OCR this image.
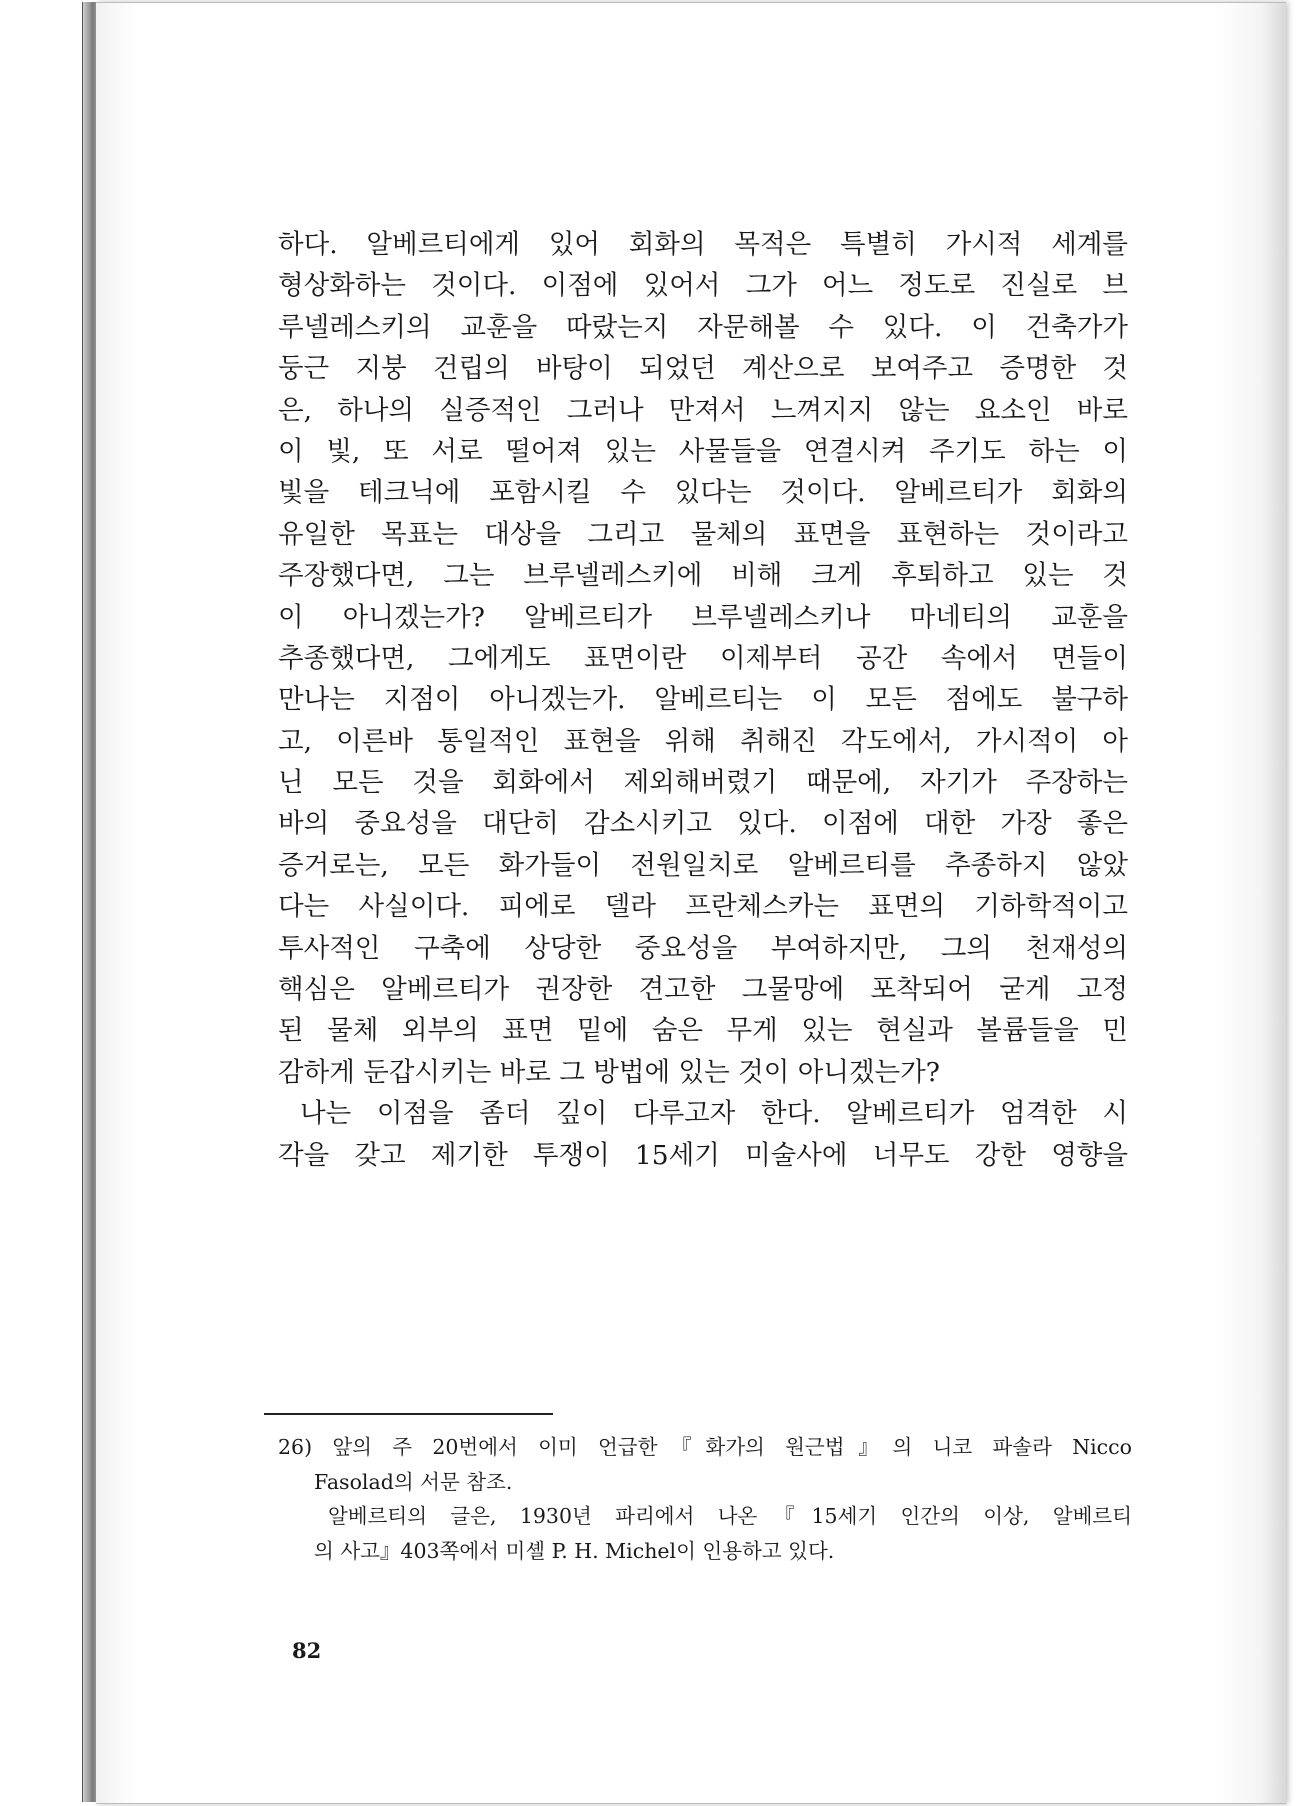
하다. 알베르티에게 있어 회화의 목적은 특별히 가시적 세계를
형상화하는 것이다. 이점에 있어서 그가 어느 정도로 진실로 브
루넬레스키의 교훈을 따랐는지 자문해볼 수 있다. 이 건축가가
둥근 지붕 건립의 바탕이 되었던 계산으로 보여주고 증명한 것
은, 하나의 실증적인 그러나 만져서 느껴지지 않는 요소인 바로
이 빛, 또 서로 떨어져 있는 사물들을 연결시켜 주기도 하는 이
빛을 테크닉에 포함시킬 수 있다는 것이다. 알베르티가 회화의
유일한 목표는 대상을 그리고 물체의 표면을 표현하는 것이라고
주장했다면, 그는 브루넬레스키에 비해 크게 후퇴하고 있는 것
이 아니겠는가? 알베르티가 브루넬레스키나 마네티의 교훈을
추종했다면, 그에게도 표면이란 이제부터 공간 속에서 면들이
만나는 지점이 아니겠는가. 알베르티는 이 모든 점에도 불구하
고, 이른바 통일적인 표현을 위해 취해진 각도에서, 가시적이 아
닌 모든 것을 회화에서 제외해버렸기 때문에, 자기가 주장하는
바의 중요성을 대단히 감소시키고 있다. 이점에 대한 가장 좋은
증거로는, 모든 화가들이 전원일치로 알베르티를 추종하지 않았
다는 사실이다. 피에로 델라 프란체스카는 표면의 기하학적이고
투사적인 구축에 상당한 중요성을 부여하지만, 그의 천재성의
핵심은 알베르티가 권장한 견고한 그물망에 포착되어 굳게 고정
된 물체 외부의 표면 밑에 숨은 무게 있는 현실과 볼륨들을 민
감하게 둔갑시키는 바로 그 방법에 있는 것이 아니겠는가?
나는 이점을 좀더 깊이 다루고자 한다. 알베르티가 엄격한 시
각을 갖고 제기한 투쟁이 15세기 미술사에 너무도 강한 영향을
26) 앞의 주 20번에서 이미 언급한『화가의 원근법』의 니코 파솔라 Nicco
Fasolad의 서문 참조.
알베르티의 글은, 1930년 파리에서 나온『15세기 인간의 이상, 알베르티
의 사고』403쪽에서 미셸 P. H. Michel이 인용하고 있다.
82
